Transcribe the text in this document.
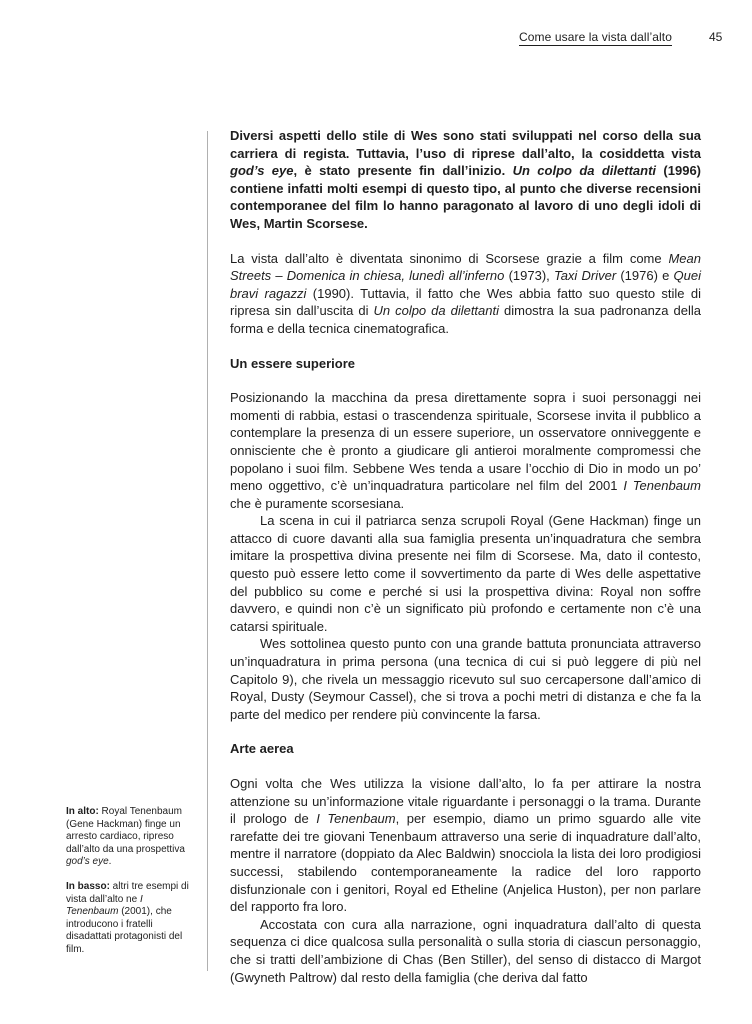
Come usare la vista dall’alto	45

Diversi aspetti dello stile di Wes sono stati sviluppati nel corso della sua carriera di regista. Tuttavia, l’uso di riprese dall’alto, la cosiddetta vista god’s eye, è stato presente fin dall’inizio. Un colpo da dilettanti (1996) contiene infatti molti esempi di questo tipo, al punto che diverse recensioni contemporanee del film lo hanno paragonato al lavoro di uno degli idoli di Wes, Martin Scorsese.

La vista dall’alto è diventata sinonimo di Scorsese grazie a film come Mean Streets – Domenica in chiesa, lunedì all’inferno (1973), Taxi Driver (1976) e Quei bravi ragazzi (1990). Tuttavia, il fatto che Wes abbia fatto suo questo stile di ripresa sin dall’uscita di Un colpo da dilettanti dimostra la sua padronanza della forma e della tecnica cinematografica.

Un essere superiore

Posizionando la macchina da presa direttamente sopra i suoi personaggi nei momenti di rabbia, estasi o trascendenza spirituale, Scorsese invita il pubblico a contemplare la presenza di un essere superiore, un osservatore onniveggente e onnisciente che è pronto a giudicare gli antieroi moralmente compromessi che popolano i suoi film. Sebbene Wes tenda a usare l’occhio di Dio in modo un po’ meno oggettivo, c’è un’inquadratura particolare nel film del 2001 I Tenenbaum che è puramente scorsesiana.

La scena in cui il patriarca senza scrupoli Royal (Gene Hackman) finge un attacco di cuore davanti alla sua famiglia presenta un’inquadratura che sembra imitare la prospettiva divina presente nei film di Scorsese. Ma, dato il contesto, questo può essere letto come il sovvertimento da parte di Wes delle aspettative del pubblico su come e perché si usi la prospettiva divina: Royal non soffre davvero, e quindi non c’è un significato più profondo e certamente non c’è una catarsi spirituale.

Wes sottolinea questo punto con una grande battuta pronunciata attraverso un’inquadratura in prima persona (una tecnica di cui si può leggere di più nel Capitolo 9), che rivela un messaggio ricevuto sul suo cercapersone dall’amico di Royal, Dusty (Seymour Cassel), che si trova a pochi metri di distanza e che fa la parte del medico per rendere più convincente la farsa.

Arte aerea

Ogni volta che Wes utilizza la visione dall’alto, lo fa per attirare la nostra attenzione su un’informazione vitale riguardante i personaggi o la trama. Durante il prologo de I Tenenbaum, per esempio, diamo un primo sguardo alle vite rarefatte dei tre giovani Tenenbaum attraverso una serie di inquadrature dall’alto, mentre il narratore (doppiato da Alec Baldwin) snocciola la lista dei loro prodigiosi successi, stabilendo contemporaneamente la radice del loro rapporto disfunzionale con i genitori, Royal ed Etheline (Anjelica Huston), per non parlare del rapporto fra loro.

Accostata con cura alla narrazione, ogni inquadratura dall’alto di questa sequenza ci dice qualcosa sulla personalità o sulla storia di ciascun personaggio, che si tratti dell’ambizione di Chas (Ben Stiller), del senso di distacco di Margot (Gwyneth Paltrow) dal resto della famiglia (che deriva dal fatto

In alto: Royal Tenenbaum (Gene Hackman) finge un arresto cardiaco, ripreso dall’alto da una prospettiva god’s eye.

In basso: altri tre esempi di vista dall’alto ne I Tenenbaum (2001), che introducono i fratelli disadattati protagonisti del film.
